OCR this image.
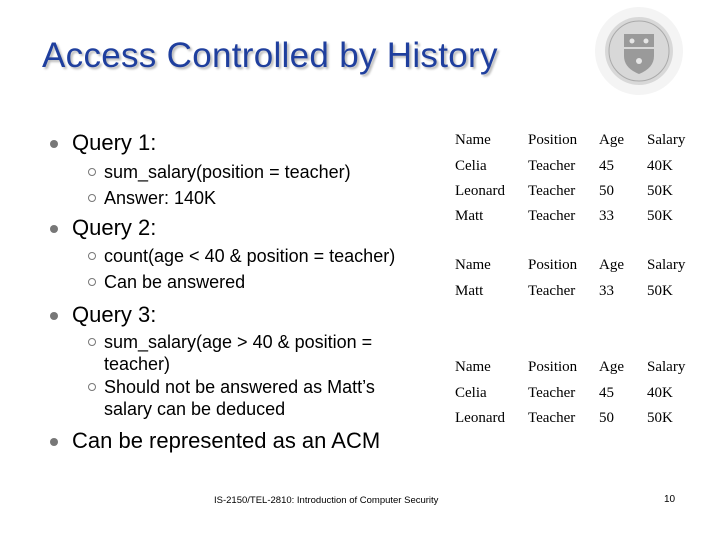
Access Controlled by History
Query 1:
sum_salary(position = teacher)
Answer: 140K
Query 2:
count(age < 40 & position = teacher)
Can be answered
Query 3:
sum_salary(age > 40 & position =
teacher)
Should not be answered as Matt’s
salary can be deduced
Can be represented as an ACM
Name	Position	Age	Salary
Celia	Teacher	45	40K
Leonard	Teacher	50	50K
Matt	Teacher	33	50K
Name	Position	Age	Salary
Matt	Teacher	33	50K
Name	Position	Age	Salary
Celia	Teacher	45	40K
Leonard	Teacher	50	50K
IS-2150/TEL-2810: Introduction of Computer Security	10
